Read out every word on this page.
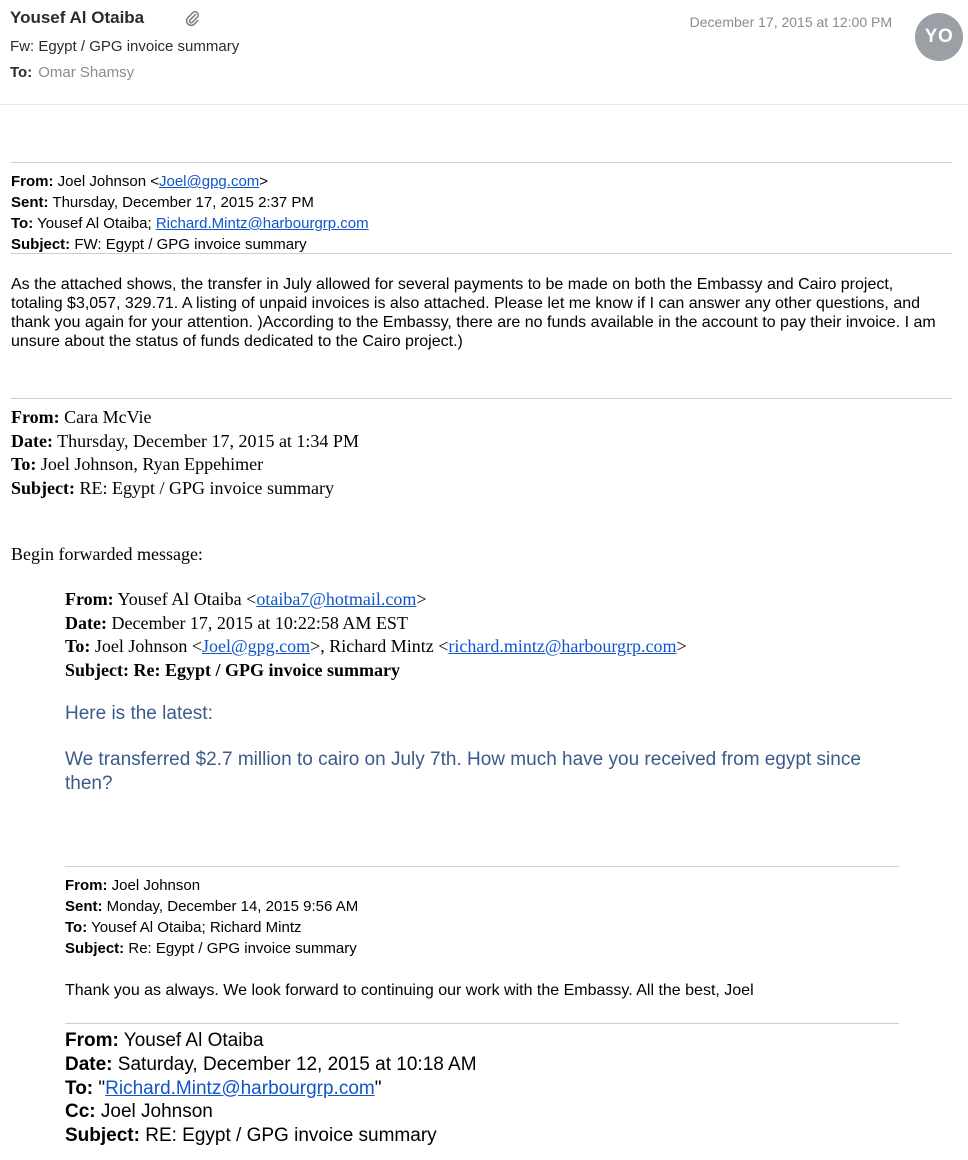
Yousef Al Otaiba
Fw: Egypt / GPG invoice summary
To: Omar Shamsy
December 17, 2015 at 12:00 PM
YO
From: Joel Johnson <Joel@gpg.com>
Sent: Thursday, December 17, 2015 2:37 PM
To: Yousef Al Otaiba; Richard.Mintz@harbourgrp.com
Subject: FW: Egypt / GPG invoice summary
As the attached shows, the transfer in July allowed for several payments to be made on both the Embassy and Cairo project, totaling $3,057, 329.71. A listing of unpaid invoices is also attached. Please let me know if I can answer any other questions, and thank you again for your attention. )According to the Embassy, there are no funds available in the account to pay their invoice. I am unsure about the status of funds dedicated to the Cairo project.)
From: Cara McVie
Date: Thursday, December 17, 2015 at 1:34 PM
To: Joel Johnson, Ryan Eppehimer
Subject: RE: Egypt / GPG invoice summary
Begin forwarded message:
From: Yousef Al Otaiba <otaiba7@hotmail.com>
Date: December 17, 2015 at 10:22:58 AM EST
To: Joel Johnson <Joel@gpg.com>, Richard Mintz <richard.mintz@harbourgrp.com>
Subject: Re: Egypt / GPG invoice summary
Here is the latest:
We transferred $2.7 million to cairo on July 7th. How much have you received from egypt since then?
From: Joel Johnson
Sent: Monday, December 14, 2015 9:56 AM
To: Yousef Al Otaiba; Richard Mintz
Subject: Re: Egypt / GPG invoice summary
Thank you as always. We look forward to continuing our work with the Embassy. All the best, Joel
From: Yousef Al Otaiba
Date: Saturday, December 12, 2015 at 10:18 AM
To: "Richard.Mintz@harbourgrp.com"
Cc: Joel Johnson
Subject: RE: Egypt / GPG invoice summary
